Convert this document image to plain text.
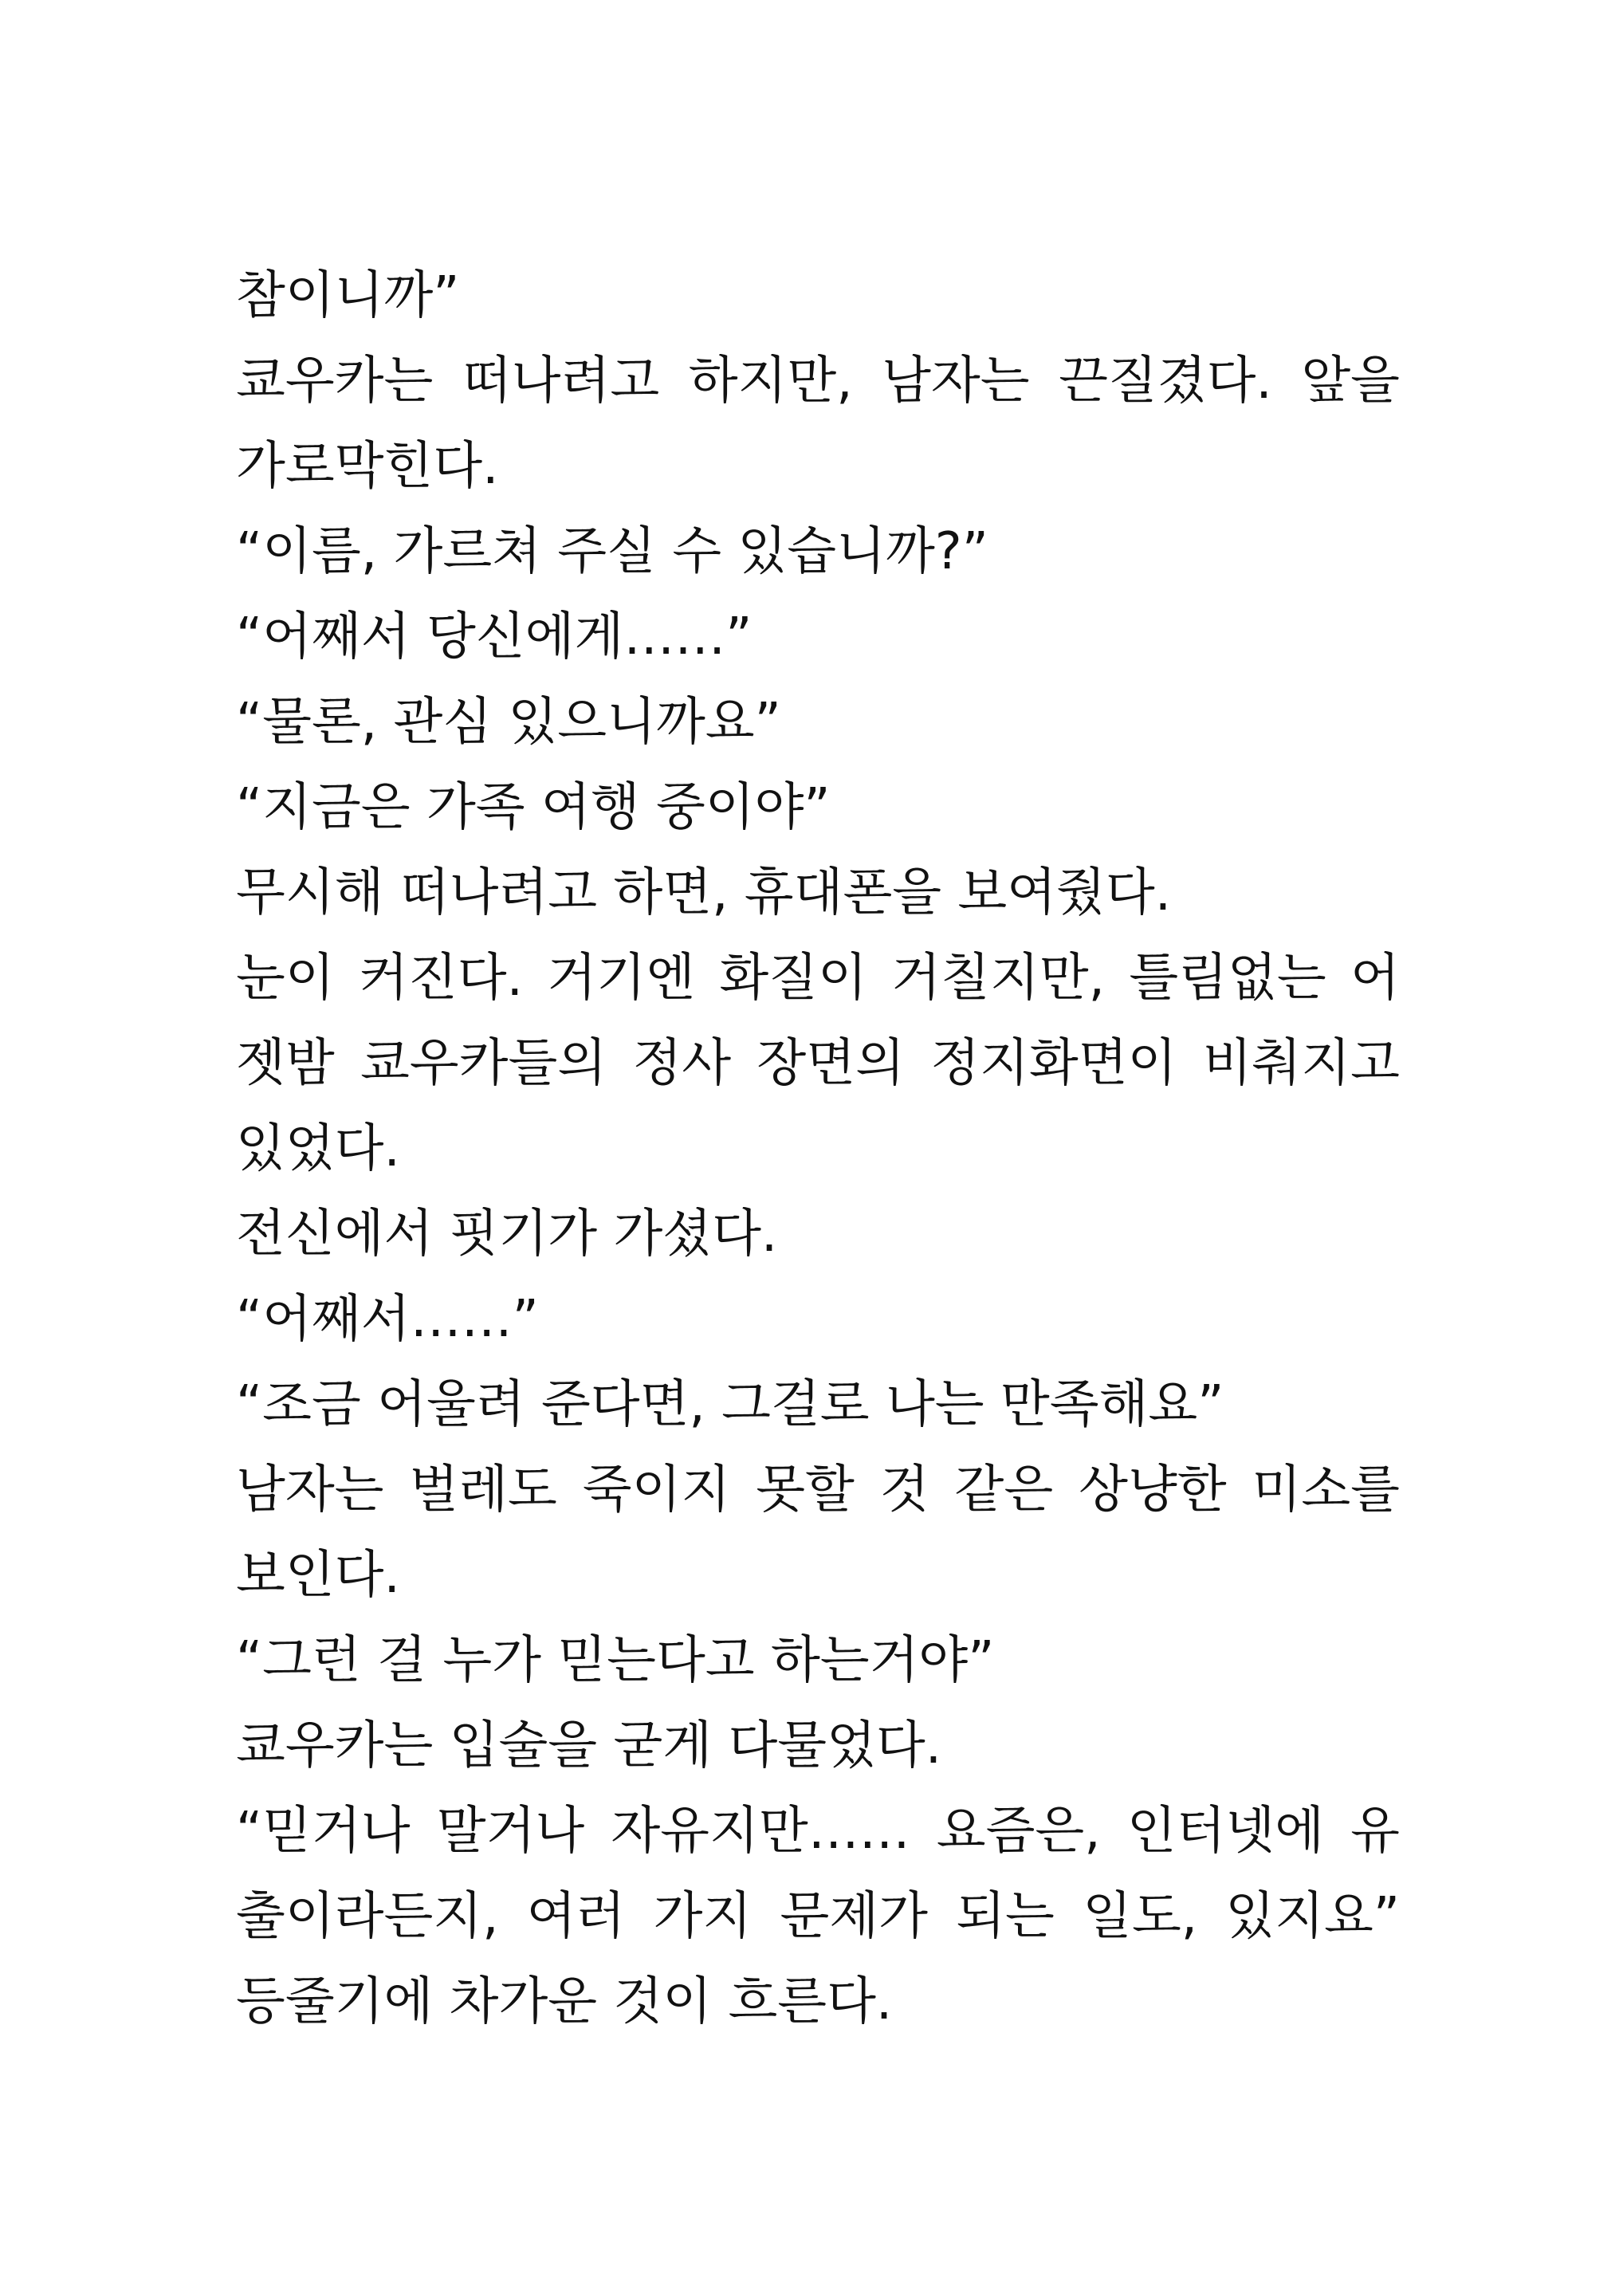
참이니까”
쿄우카는 떠나려고 하지만, 남자는 끈질겼다. 앞을
가로막힌다.
“이름, 가르쳐 주실 수 있습니까?”
“어째서 당신에게……”
“물론, 관심 있으니까요”
“지금은 가족 여행 중이야”
무시해 떠나려고 하면, 휴대폰을 보여줬다.
눈이 커진다. 거기엔 화질이 거칠지만, 틀림없는 어
젯밤 쿄우카들의 정사 장면의 정지화면이 비춰지고
있었다.
전신에서 핏기가 가셨다.
“어째서……”
“조금 어울려 준다면, 그걸로 나는 만족해요”
남자는 벌레도 죽이지 못할 것 같은 상냥한 미소를
보인다.
“그런 걸 누가 믿는다고 하는거야”
쿄우카는 입술을 굳게 다물었다.
“믿거나 말거나 자유지만…… 요즘은, 인터넷에 유
출이라든지, 여러 가지 문제가 되는 일도, 있지요”
등줄기에 차가운 것이 흐른다.
